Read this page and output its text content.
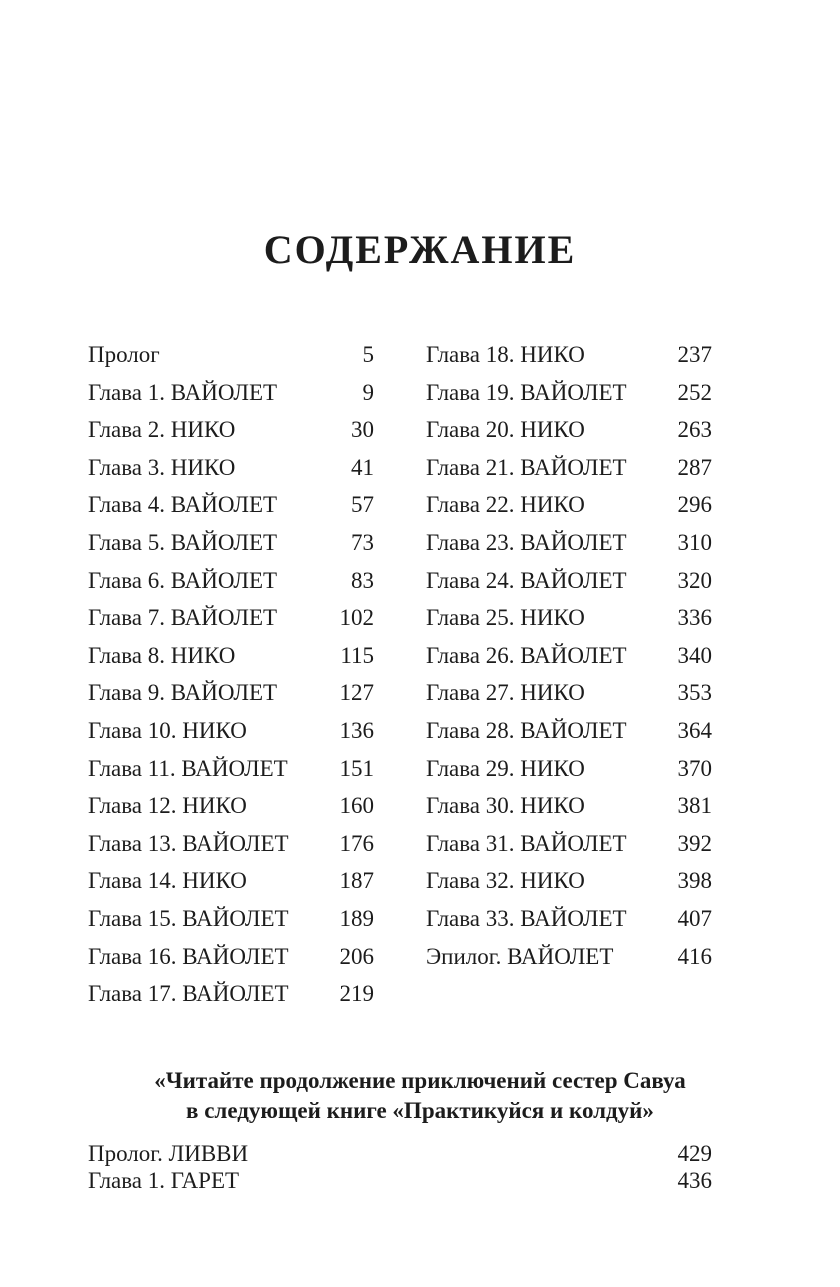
СОДЕРЖАНИЕ
Пролог	5
Глава 1. ВАЙОЛЕТ	9
Глава 2. НИКО	30
Глава 3. НИКО	41
Глава 4. ВАЙОЛЕТ	57
Глава 5. ВАЙОЛЕТ	73
Глава 6. ВАЙОЛЕТ	83
Глава 7. ВАЙОЛЕТ	102
Глава 8. НИКО	115
Глава 9. ВАЙОЛЕТ	127
Глава 10. НИКО	136
Глава 11. ВАЙОЛЕТ 151
Глава 12. НИКО	160
Глава 13. ВАЙОЛЕТ 176
Глава 14. НИКО	187
Глава 15. ВАЙОЛЕТ 189
Глава 16. ВАЙОЛЕТ 206
Глава 17. ВАЙОЛЕТ 219
Глава 18. НИКО	237
Глава 19. ВАЙОЛЕТ 252
Глава 20. НИКО	263
Глава 21. ВАЙОЛЕТ 287
Глава 22. НИКО	296
Глава 23. ВАЙОЛЕТ 310
Глава 24. ВАЙОЛЕТ 320
Глава 25. НИКО	336
Глава 26. ВАЙОЛЕТ 340
Глава 27. НИКО	353
Глава 28. ВАЙОЛЕТ 364
Глава 29. НИКО	370
Глава 30. НИКО	381
Глава 31. ВАЙОЛЕТ 392
Глава 32. НИКО	398
Глава 33. ВАЙОЛЕТ 407
Эпилог. ВАЙОЛЕТ	416
«Читайте продолжение приключений сестер Савуа
в следующей книге «Практикуйся и колдуй»
Пролог. ЛИВВИ	429
Глава 1. ГАРЕТ	436
